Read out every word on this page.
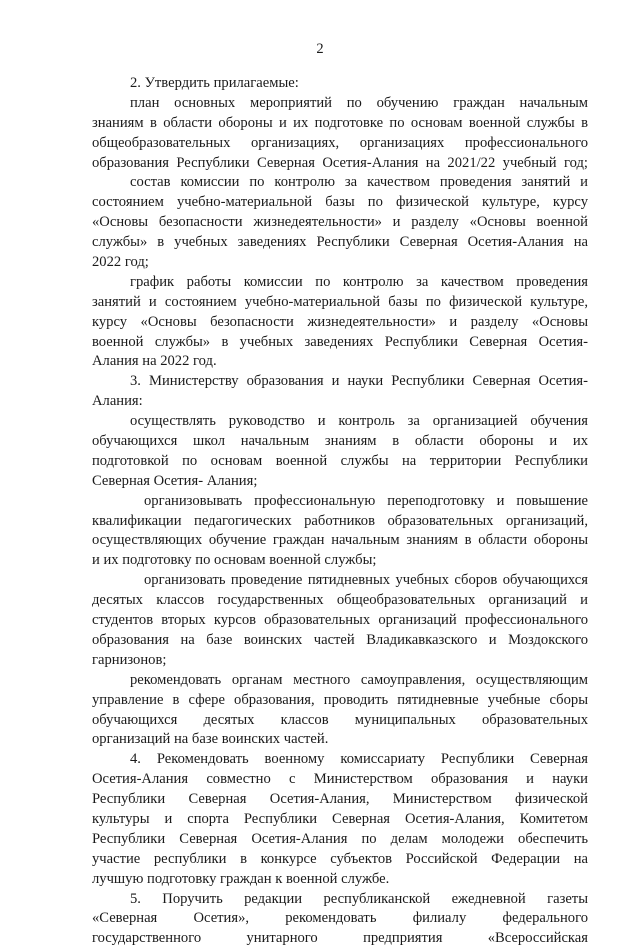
2
2. Утвердить прилагаемые:
план основных мероприятий по обучению граждан начальным
знаниям в области обороны и их подготовке по основам военной службы в
общеобразовательных организациях, организациях профессионального
образования Республики Северная Осетия-Алания на 2021/22 учебный год;
состав комиссии по контролю за качеством проведения занятий и
состоянием учебно-материальной базы по физической культуре, курсу
«Основы безопасности жизнедеятельности» и разделу «Основы военной
службы» в учебных заведениях Республики Северная Осетия-Алания на
2022 год;
график работы комиссии по контролю за качеством проведения
занятий и состоянием учебно-материальной базы по физической культуре,
курсу «Основы безопасности жизнедеятельности» и разделу «Основы
военной службы» в учебных заведениях Республики Северная Осетия-
Алания на 2022 год.
3. Министерству образования и науки Республики Северная Осетия-
Алания:
осуществлять руководство и контроль за организацией обучения
обучающихся школ начальным знаниям в области обороны и их
подготовкой по основам военной службы на территории Республики
Северная Осетия- Алания;
организовывать профессиональную переподготовку и повышение
квалификации педагогических работников образовательных организаций,
осуществляющих обучение граждан начальным знаниям в области обороны
и их подготовку по основам военной службы;
организовать проведение пятидневных учебных сборов обучающихся
десятых классов государственных общеобразовательных организаций и
студентов вторых курсов образовательных организаций профессионального
образования на базе воинских частей Владикавказского и Моздокского
гарнизонов;
рекомендовать органам местного самоуправления, осуществляющим
управление в сфере образования, проводить пятидневные учебные сборы
обучающихся десятых классов муниципальных образовательных
организаций на базе воинских частей.
4. Рекомендовать военному комиссариату Республики Северная
Осетия-Алания совместно с Министерством образования и науки
Республики Северная Осетия-Алания, Министерством физической
культуры и спорта Республики Северная Осетия-Алания, Комитетом
Республики Северная Осетия-Алания по делам молодежи обеспечить
участие республики в конкурсе субъектов Российской Федерации на
лучшую подготовку граждан к военной службе.
5. Поручить редакции республиканской ежедневной газеты
«Северная Осетия», рекомендовать филиалу федерального
государственного унитарного предприятия «Всероссийская
